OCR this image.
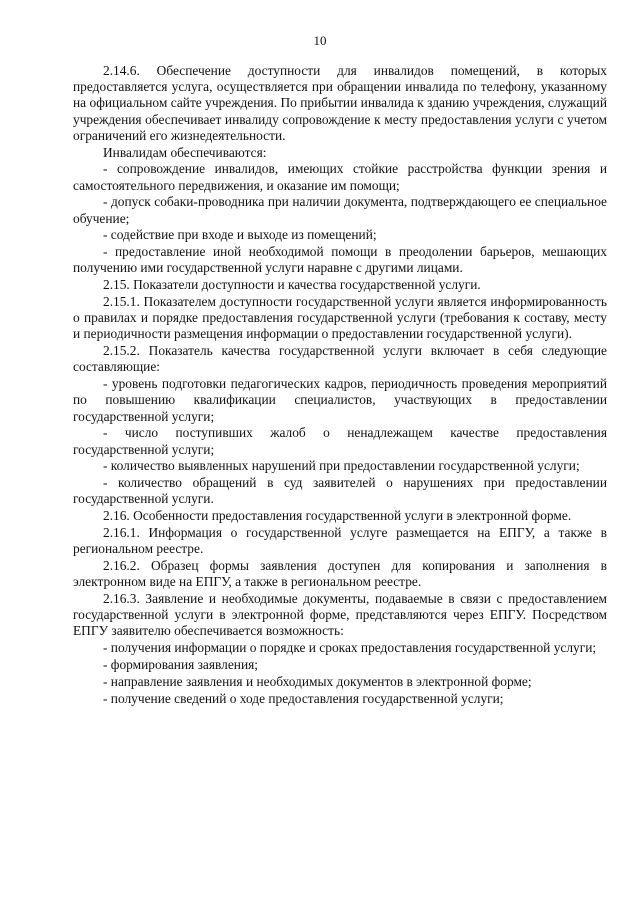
10

2.14.6. Обеспечение доступности для инвалидов помещений, в которых предоставляется услуга, осуществляется при обращении инвалида по телефону, указанному на официальном сайте учреждения. По прибытии инвалида к зданию учреждения, служащий учреждения обеспечивает инвалиду сопровождение к месту предоставления услуги с учетом ограничений его жизнедеятельности.

Инвалидам обеспечиваются:

- сопровождение инвалидов, имеющих стойкие расстройства функции зрения и самостоятельного передвижения, и оказание им помощи;

- допуск собаки-проводника при наличии документа, подтверждающего ее специальное обучение;

- содействие при входе и выходе из помещений;

- предоставление иной необходимой помощи в преодолении барьеров, мешающих получению ими государственной услуги наравне с другими лицами.

2.15. Показатели доступности и качества государственной услуги.

2.15.1. Показателем доступности государственной услуги является информированность о правилах и порядке предоставления государственной услуги (требования к составу, месту и периодичности размещения информации о предоставлении государственной услуги).

2.15.2. Показатель качества государственной услуги включает в себя следующие составляющие:

- уровень подготовки педагогических кадров, периодичность проведения мероприятий по повышению квалификации специалистов, участвующих в предоставлении государственной услуги;

- число поступивших жалоб о ненадлежащем качестве предоставления государственной услуги;

- количество выявленных нарушений при предоставлении государственной услуги;

- количество обращений в суд заявителей о нарушениях при предоставлении государственной услуги.

2.16. Особенности предоставления государственной услуги в электронной форме.

2.16.1. Информация о государственной услуге размещается на ЕПГУ, а также в региональном реестре.

2.16.2. Образец формы заявления доступен для копирования и заполнения в электронном виде на ЕПГУ, а также в региональном реестре.

2.16.3. Заявление и необходимые документы, подаваемые в связи с предоставлением государственной услуги в электронной форме, представляются через ЕПГУ. Посредством ЕПГУ заявителю обеспечивается возможность:

- получения информации о порядке и сроках предоставления государственной услуги;

- формирования заявления;

- направление заявления и необходимых документов в электронной форме;

- получение сведений о ходе предоставления государственной услуги;
